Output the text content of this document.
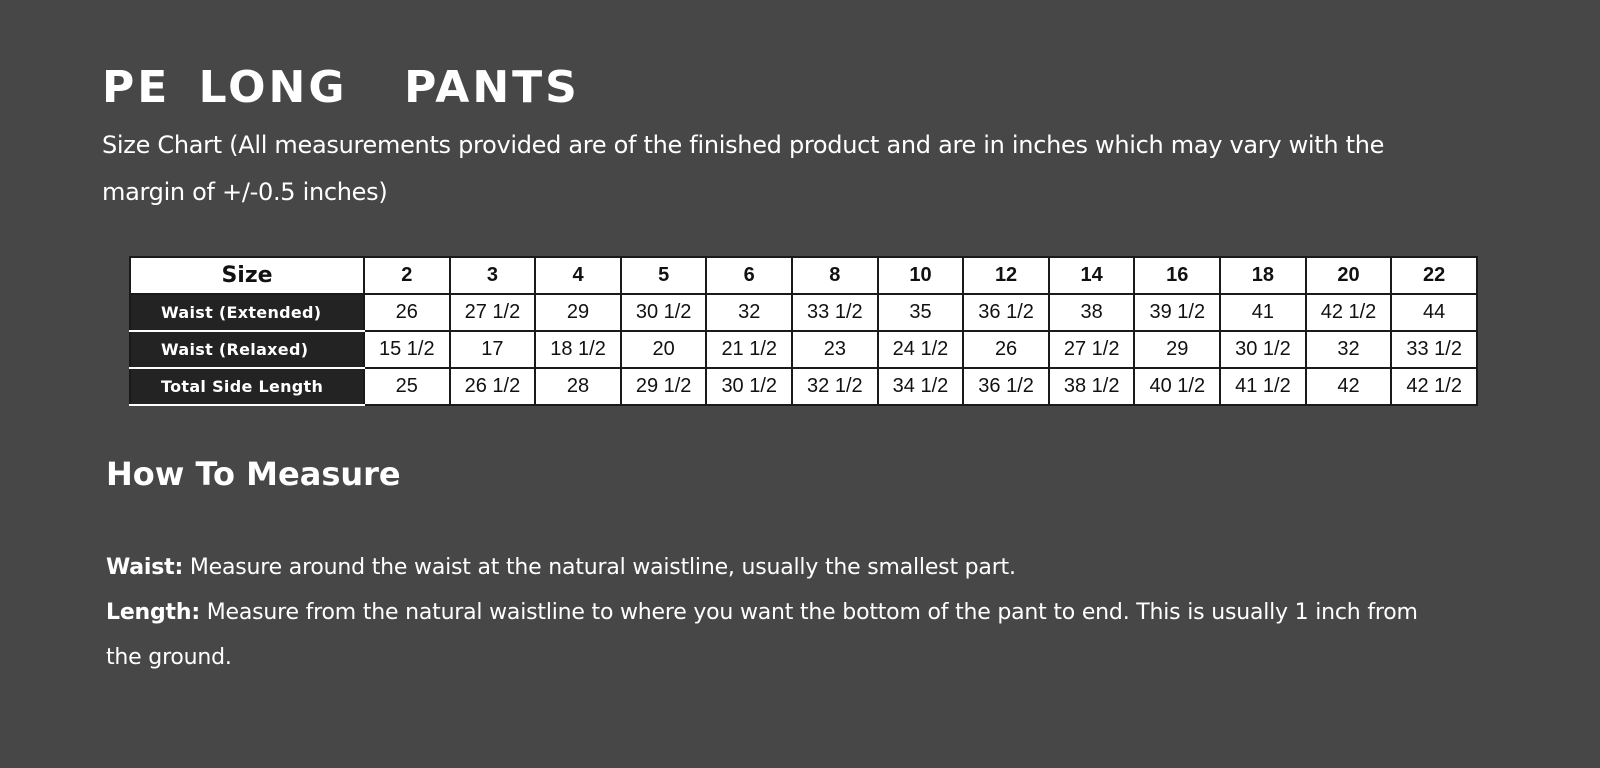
PE LONG  PANTS
Size Chart (All measurements provided are of the finished product and are in inches which may vary with the margin of +/-0.5 inches)
Size	2	3	4	5	6	8	10	12	14	16	18	20	22
Waist (Extended)	26	27 1/2	29	30 1/2	32	33 1/2	35	36 1/2	38	39 1/2	41	42 1/2	44
Waist (Relaxed)	15 1/2	17	18 1/2	20	21 1/2	23	24 1/2	26	27 1/2	29	30 1/2	32	33 1/2
Total Side Length	25	26 1/2	28	29 1/2	30 1/2	32 1/2	34 1/2	36 1/2	38 1/2	40 1/2	41 1/2	42	42 1/2
How To Measure

Waist: Measure around the waist at the natural waistline, usually the smallest part.

Length: Measure from the natural waistline to where you want the bottom of the pant to end. This is usually 1 inch from the ground.
